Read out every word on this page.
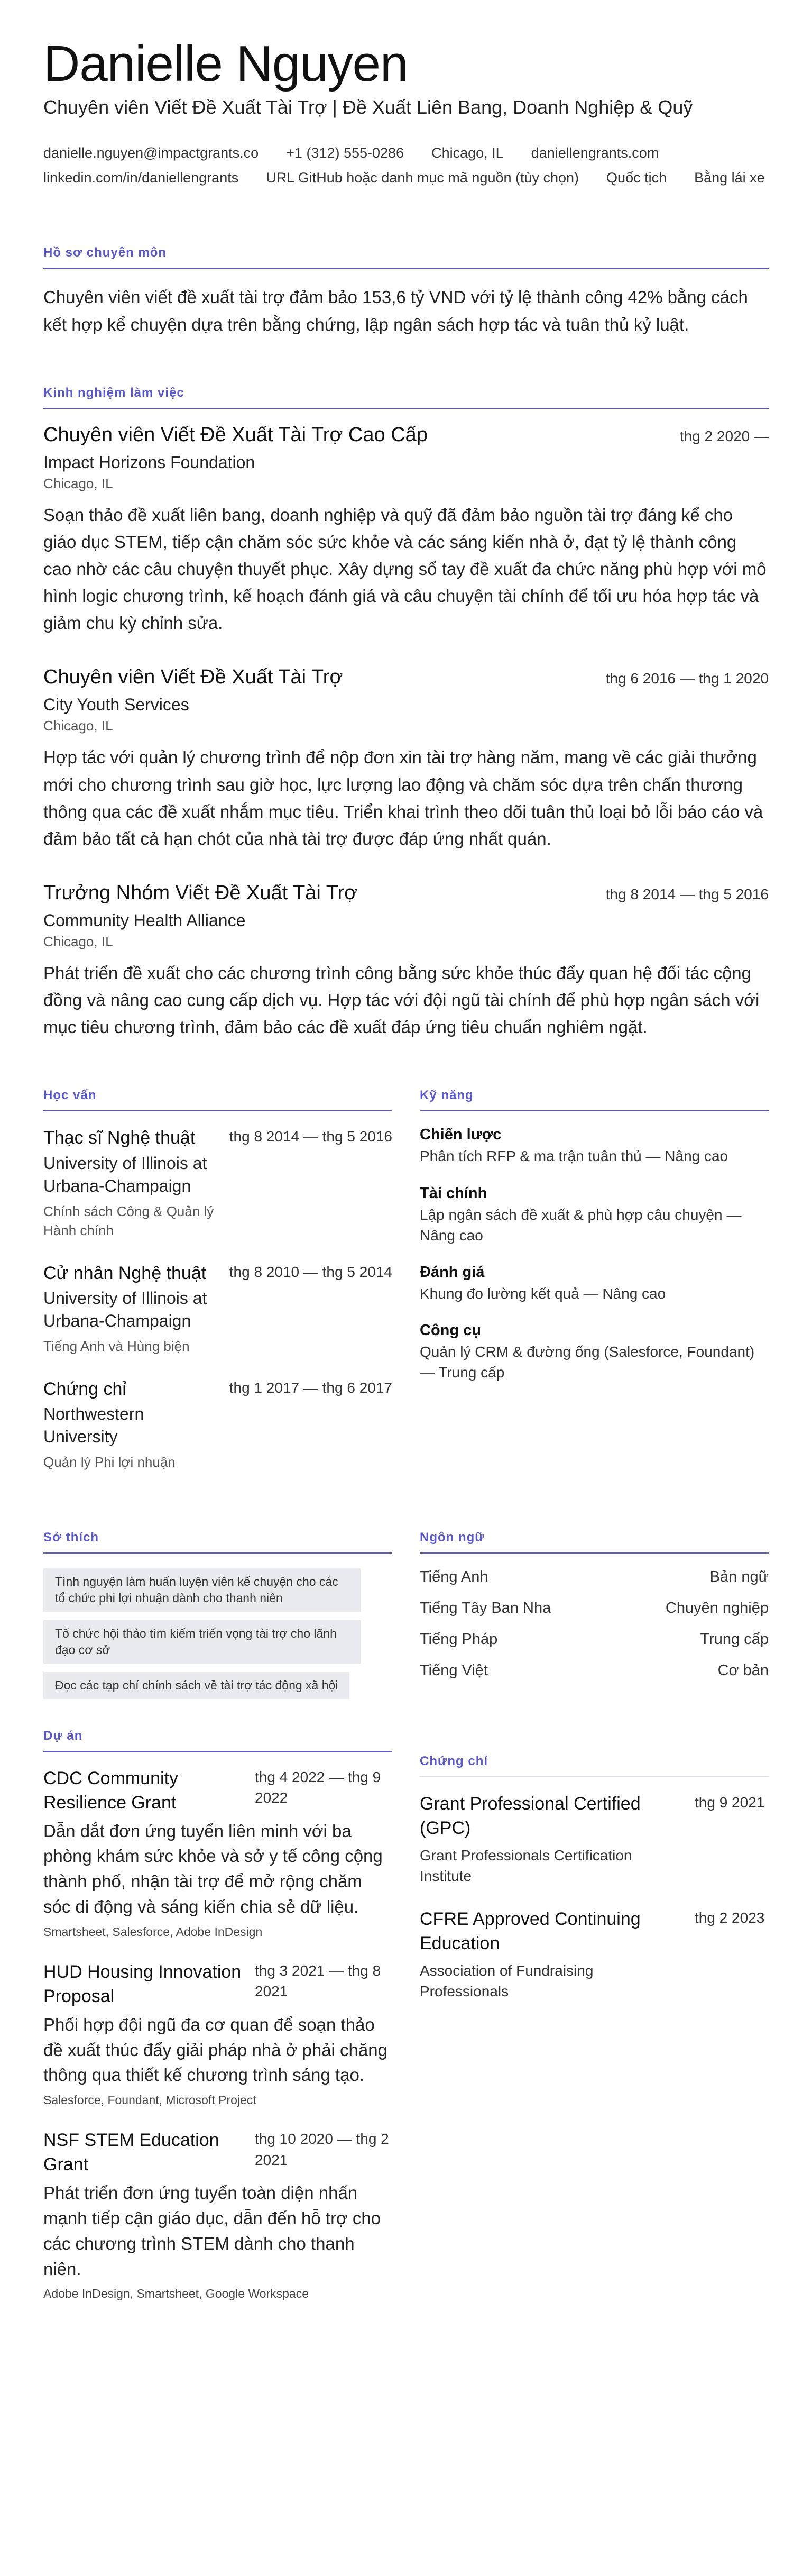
Danielle Nguyen
Chuyên viên Viết Đề Xuất Tài Trợ | Đề Xuất Liên Bang, Doanh Nghiệp & Quỹ
danielle.nguyen@impactgrants.co +1 (312) 555-0286 Chicago, IL daniellengrants.com
linkedin.com/in/daniellengrants URL GitHub hoặc danh mục mã nguồn (tùy chọn) Quốc tịch Bằng lái xe
Hồ sơ chuyên môn

Chuyên viên viết đề xuất tài trợ đảm bảo 153,6 tỷ VND với tỷ lệ thành công 42% bằng cách kết hợp kể chuyện dựa trên bằng chứng, lập ngân sách hợp tác và tuân thủ kỷ luật.

Kinh nghiệm làm việc
Chuyên viên Viết Đề Xuất Tài Trợ Cao Cấp	thg 2 2020 —
Impact Horizons Foundation
Chicago, IL
Soạn thảo đề xuất liên bang, doanh nghiệp và quỹ đã đảm bảo nguồn tài trợ đáng kể cho giáo dục STEM, tiếp cận chăm sóc sức khỏe và các sáng kiến nhà ở, đạt tỷ lệ thành công cao nhờ các câu chuyện thuyết phục. Xây dựng sổ tay đề xuất đa chức năng phù hợp với mô hình logic chương trình, kế hoạch đánh giá và câu chuyện tài chính để tối ưu hóa hợp tác và giảm chu kỳ chỉnh sửa.
Chuyên viên Viết Đề Xuất Tài Trợ	thg 6 2016 — thg 1 2020
City Youth Services
Chicago, IL
Hợp tác với quản lý chương trình để nộp đơn xin tài trợ hàng năm, mang về các giải thưởng mới cho chương trình sau giờ học, lực lượng lao động và chăm sóc dựa trên chấn thương thông qua các đề xuất nhắm mục tiêu. Triển khai trình theo dõi tuân thủ loại bỏ lỗi báo cáo và đảm bảo tất cả hạn chót của nhà tài trợ được đáp ứng nhất quán.
Trưởng Nhóm Viết Đề Xuất Tài Trợ	thg 8 2014 — thg 5 2016
Community Health Alliance
Chicago, IL
Phát triển đề xuất cho các chương trình công bằng sức khỏe thúc đẩy quan hệ đối tác cộng đồng và nâng cao cung cấp dịch vụ. Hợp tác với đội ngũ tài chính để phù hợp ngân sách với mục tiêu chương trình, đảm bảo các đề xuất đáp ứng tiêu chuẩn nghiêm ngặt.
Học vấn
Thạc sĩ Nghệ thuật
University of Illinois at Urbana-Champaign
Chính sách Công & Quản lý Hành chính
thg 8 2014 — thg 5 2016
Cử nhân Nghệ thuật
University of Illinois at Urbana-Champaign
Tiếng Anh và Hùng biện
thg 8 2010 — thg 5 2014
Chứng chỉ
Northwestern University
Quản lý Phi lợi nhuận
thg 1 2017 — thg 6 2017
Kỹ năng
Chiến lược
Phân tích RFP & ma trận tuân thủ — Nâng cao
Tài chính
Lập ngân sách đề xuất & phù hợp câu chuyện — Nâng cao
Đánh giá
Khung đo lường kết quả — Nâng cao
Công cụ
Quản lý CRM & đường ống (Salesforce, Foundant) — Trung cấp
Sở thích
Tình nguyện làm huấn luyện viên kể chuyện cho các tổ chức phi lợi nhuận dành cho thanh niên
Tổ chức hội thảo tìm kiếm triển vọng tài trợ cho lãnh đạo cơ sở
Đọc các tạp chí chính sách về tài trợ tác động xã hội
Ngôn ngữ
Tiếng Anh	Bản ngữ
Tiếng Tây Ban Nha	Chuyên nghiệp
Tiếng Pháp	Trung cấp
Tiếng Việt	Cơ bản
Dự án
CDC Community Resilience Grant
thg 4 2022 — thg 9 2022
Dẫn dắt đơn ứng tuyển liên minh với ba phòng khám sức khỏe và sở y tế công cộng thành phố, nhận tài trợ để mở rộng chăm sóc di động và sáng kiến chia sẻ dữ liệu.
Smartsheet, Salesforce, Adobe InDesign
HUD Housing Innovation Proposal
thg 3 2021 — thg 8 2021
Phối hợp đội ngũ đa cơ quan để soạn thảo đề xuất thúc đẩy giải pháp nhà ở phải chăng thông qua thiết kế chương trình sáng tạo.
Salesforce, Foundant, Microsoft Project
NSF STEM Education Grant
thg 10 2020 — thg 2 2021
Phát triển đơn ứng tuyển toàn diện nhấn mạnh tiếp cận giáo dục, dẫn đến hỗ trợ cho các chương trình STEM dành cho thanh niên.
Adobe InDesign, Smartsheet, Google Workspace
Chứng chỉ
Grant Professional Certified (GPC)
Grant Professionals Certification Institute
thg 9 2021
CFRE Approved Continuing Education
Association of Fundraising Professionals
thg 2 2023
